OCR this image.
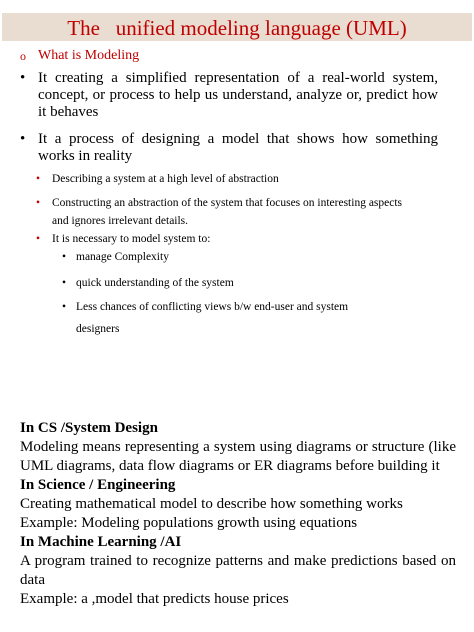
The   unified modeling language (UML)
o What is Modeling
• It creating a simplified representation of a real-world system, concept, or process to help us understand, analyze or, predict how it behaves
• It a process of designing a model that shows how something works in reality
• Describing a system at a high level of abstraction
• Constructing an abstraction of the system that focuses on interesting aspects and ignores irrelevant details.
• It is necessary to model system to:
• manage Complexity
• quick understanding of the system
• Less chances of conflicting views b/w end-user and system designers

In CS /System Design

Modeling means representing a system using diagrams or structure (like UML diagrams, data flow diagrams or ER diagrams before building it

In Science / Engineering

Creating mathematical model to describe how something works

Example: Modeling populations growth using equations

In Machine Learning /AI

A program trained to recognize patterns and make predictions based on data

Example: a ,model that predicts house prices
